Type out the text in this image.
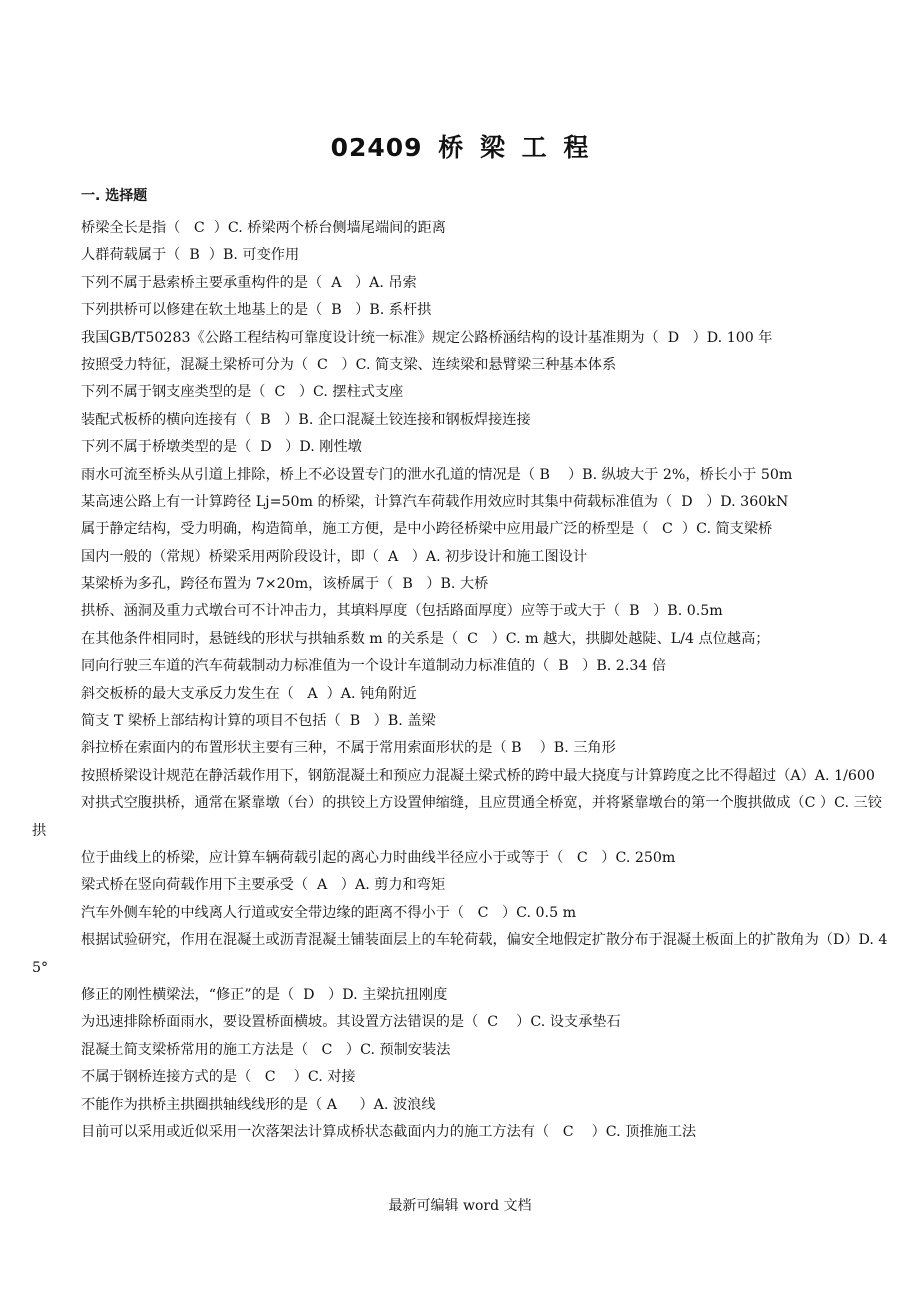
02409 桥 梁 工 程
一. 选择题
桥梁全长是指（   C  ）C. 桥梁两个桥台侧墙尾端间的距离
人群荷载属于（  B  ）B. 可变作用
下列不属于悬索桥主要承重构件的是（  A   ）A. 吊索
下列拱桥可以修建在软土地基上的是（  B   ）B. 系杆拱
我国GB/T50283《公路工程结构可靠度设计统一标准》规定公路桥涵结构的设计基准期为（  D   ）D. 100 年
按照受力特征，混凝土梁桥可分为（  C   ）C. 简支梁、连续梁和悬臂梁三种基本体系
下列不属于钢支座类型的是（  C   ）C. 摆柱式支座
装配式板桥的横向连接有（  B   ）B. 企口混凝土铰连接和钢板焊接连接
下列不属于桥墩类型的是（  D   ）D. 刚性墩
雨水可流至桥头从引道上排除，桥上不必设置专门的泄水孔道的情况是（ B    ）B. 纵坡大于 2%，桥长小于 50m
某高速公路上有一计算跨径 Lj=50m 的桥梁，计算汽车荷载作用效应时其集中荷载标准值为（  D   ）D. 360kN
属于静定结构，受力明确，构造简单，施工方便，是中小跨径桥梁中应用最广泛的桥型是（   C  ）C. 简支梁桥
国内一般的（常规）桥梁采用两阶段设计，即（  A   ）A. 初步设计和施工图设计
某梁桥为多孔，跨径布置为 7×20m，该桥属于（  B   ）B. 大桥
拱桥、涵洞及重力式墩台可不计冲击力，其填料厚度（包括路面厚度）应等于或大于（  B   ）B. 0.5m
在其他条件相同时，悬链线的形状与拱轴系数 m 的关系是（  C   ）C. m 越大，拱脚处越陡、L/4 点位越高；
同向行驶三车道的汽车荷载制动力标准值为一个设计车道制动力标准值的（  B   ）B. 2.34 倍
斜交板桥的最大支承反力发生在（   A  ）A. 钝角附近
简支 T 梁桥上部结构计算的项目不包括（  B   ）B. 盖梁
斜拉桥在索面内的布置形状主要有三种，不属于常用索面形状的是（ B    ）B. 三角形
按照桥梁设计规范在静活载作用下，钢筋混凝土和预应力混凝土梁式桥的跨中最大挠度与计算跨度之比不得超过（A）A. 1/600
对拱式空腹拱桥，通常在紧靠墩（台）的拱铰上方设置伸缩缝，且应贯通全桥宽，并将紧靠墩台的第一个腹拱做成（C ）C. 三铰拱
位于曲线上的桥梁，应计算车辆荷载引起的离心力时曲线半径应小于或等于（   C   ）C. 250m
梁式桥在竖向荷载作用下主要承受（  A   ）A. 剪力和弯矩
汽车外侧车轮的中线离人行道或安全带边缘的距离不得小于（   C   ）C. 0.5 m
根据试验研究，作用在混凝土或沥青混凝土铺装面层上的车轮荷载，偏安全地假定扩散分布于混凝土板面上的扩散角为（D）D. 45°
修正的刚性横梁法，“修正”的是（  D   ）D. 主梁抗扭刚度
为迅速排除桥面雨水，要设置桥面横坡。其设置方法错误的是（  C    ）C. 设支承垫石
混凝土简支梁桥常用的施工方法是（   C   ）C. 预制安装法
不属于钢桥连接方式的是（   C    ）C. 对接
不能作为拱桥主拱圈拱轴线线形的是（ A     ）A. 波浪线
目前可以采用或近似采用一次落架法计算成桥状态截面内力的施工方法有（   C    ）C. 顶推施工法
最新可编辑 word 文档
